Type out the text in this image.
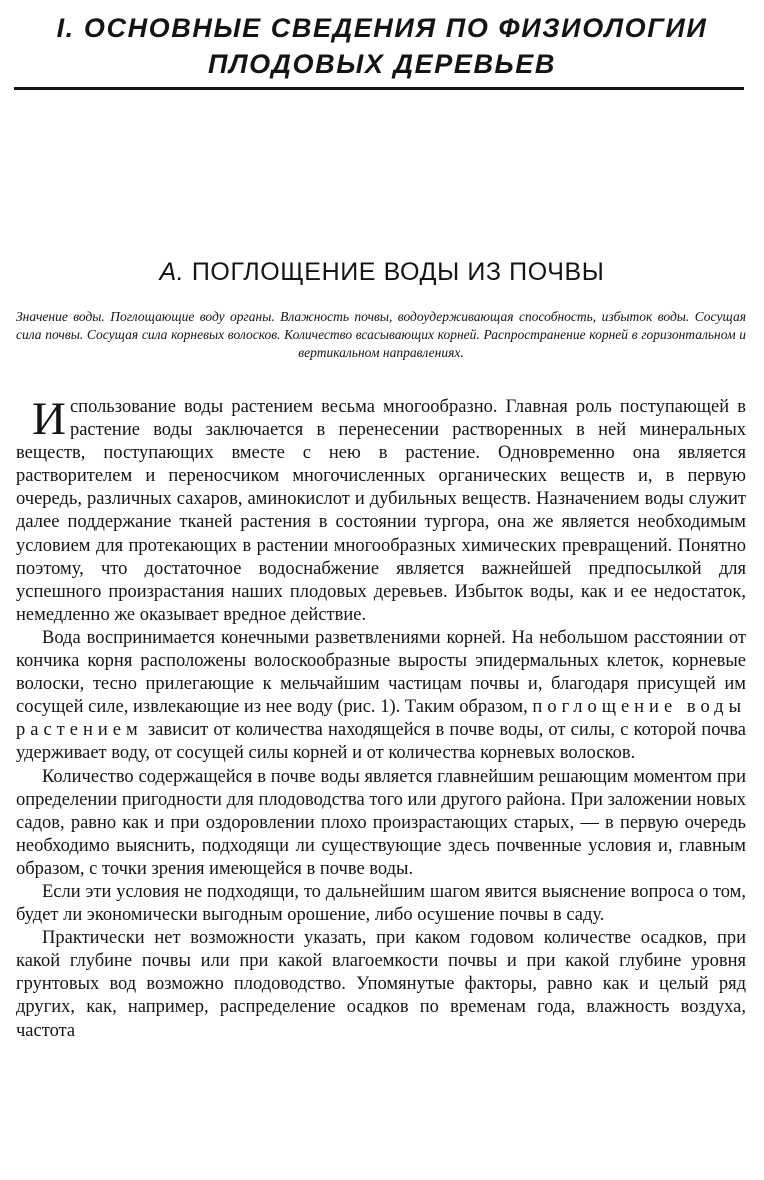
I. ОСНОВНЫЕ СВЕДЕНИЯ ПО ФИЗИОЛОГИИ
ПЛОДОВЫХ ДЕРЕВЬЕВ
А. ПОГЛОЩЕНИЕ ВОДЫ ИЗ ПОЧВЫ

Значение воды. Поглощающие воду органы. Влажность почвы, водоудерживающая способность, избыток воды. Сосущая сила почвы. Сосущая сила корневых волосков. Количество всасывающих корней. Распространение корней в горизонтальном и вертикальном направлениях.

Использование воды растением весьма многообразно. Главная роль поступающей в растение воды заключается в перенесении растворенных в ней минеральных веществ, поступающих вместе с нею в растение. Одновременно она является растворителем и переносчиком многочисленных органических веществ и, в первую очередь, различных сахаров, аминокислот и дубильных веществ. Назначением воды служит далее поддержание тканей растения в состоянии тургора, она же является необходимым условием для протекающих в растении многообразных химических превращений. Понятно поэтому, что достаточное водоснабжение является важнейшей предпосылкой для успешного произрастания наших плодовых деревьев. Избыток воды, как и ее недостаток, немедленно же оказывает вредное действие.

Вода воспринимается конечными разветвлениями корней. На небольшом расстоянии от кончика корня расположены волоскообразные выросты эпидермальных клеток, корневые волоски, тесно прилегающие к мельчайшим частицам почвы и, благодаря присущей им сосущей силе, извлекающие из нее воду (рис. 1). Таким образом, поглощение воды растением зависит от количества находящейся в почве воды, от силы, с которой почва удерживает воду, от сосущей силы корней и от количества корневых волосков.

Количество содержащейся в почве воды является главнейшим решающим моментом при определении пригодности для плодоводства того или другого района. При заложении новых садов, равно как и при оздоровлении плохо произрастающих старых, — в первую очередь необходимо выяснить, подходящи ли существующие здесь почвенные условия и, главным образом, с точки зрения имеющейся в почве воды.

Если эти условия не подходящи, то дальнейшим шагом явится выяснение вопроса о том, будет ли экономически выгодным орошение, либо осушение почвы в саду.

Практически нет возможности указать, при каком годовом количестве осадков, при какой глубине почвы или при какой влагоемкости почвы и при какой глубине уровня грунтовых вод возможно плодоводство. Упомянутые факторы, равно как и целый ряд других, как, например, распределение осадков по временам года, влажность воздуха, частота
